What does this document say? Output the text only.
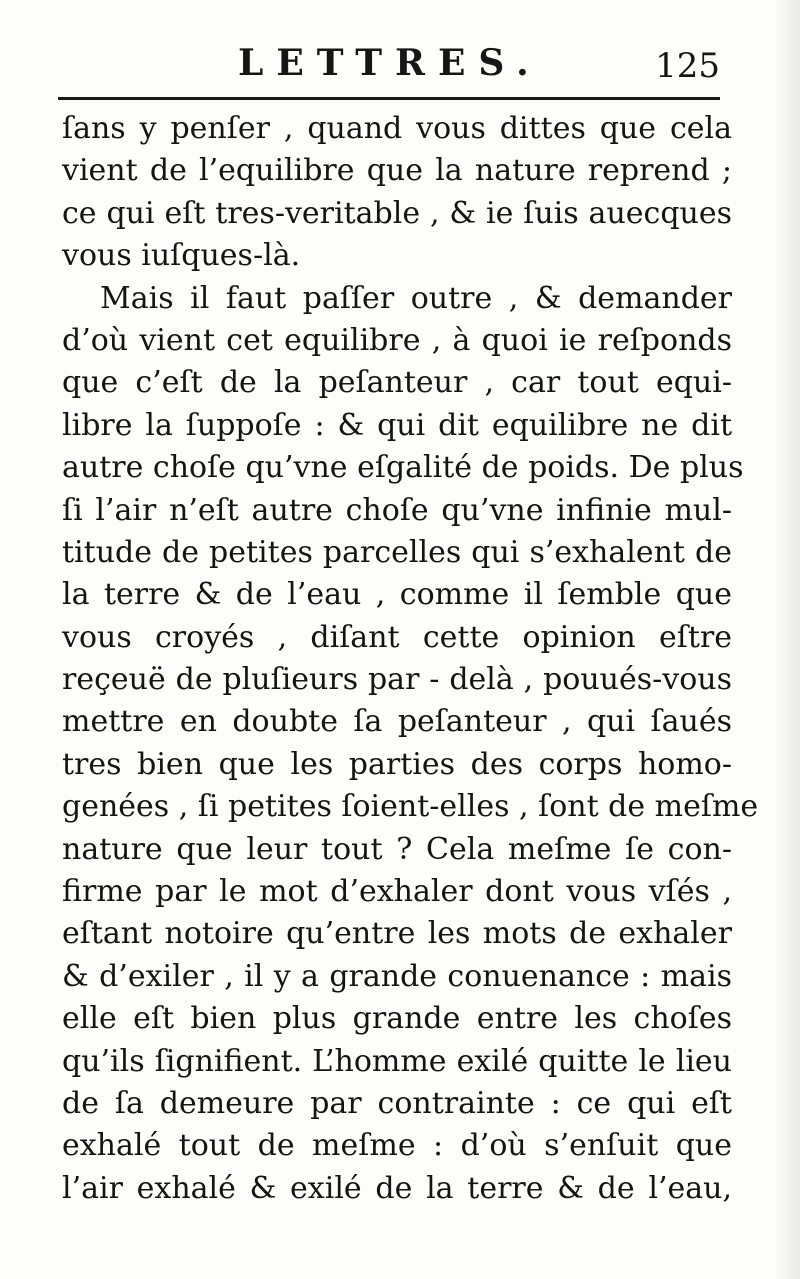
LETTRES.	125
ſans y penſer , quand vous dittes que cela
vient de l’equilibre que la nature reprend ;
ce qui eſt tres-veritable , & ie ſuis auecques
vous iuſques-là.
Mais il faut paſſer outre , & demander
d’où vient cet equilibre , à quoi ie reſponds
que c’eſt de la peſanteur , car tout equi-
libre la ſuppoſe : & qui dit equilibre ne dit
autre choſe qu’vne eſgalité de poids. De plus
ſi l’air n’eſt autre choſe qu’vne infinie mul-
titude de petites parcelles qui s’exhalent de
la terre & de l’eau , comme il ſemble que
vous croyés , diſant cette opinion eſtre
reçeuë de pluſieurs par - delà , pouués-vous
mettre en doubte ſa peſanteur , qui ſaués
tres bien que les parties des corps homo-
genées , ſi petites ſoient-elles , ſont de meſme
nature que leur tout ? Cela meſme ſe con-
firme par le mot d’exhaler dont vous vſés ,
eſtant notoire qu’entre les mots de exhaler
& d’exiler , il y a grande conuenance : mais
elle eſt bien plus grande entre les choſes
qu’ils ſignifient. L’homme exilé quitte le lieu
de ſa demeure par contrainte : ce qui eſt
exhalé tout de meſme : d’où s’enſuit que
l’air exhalé & exilé de la terre & de l’eau,
